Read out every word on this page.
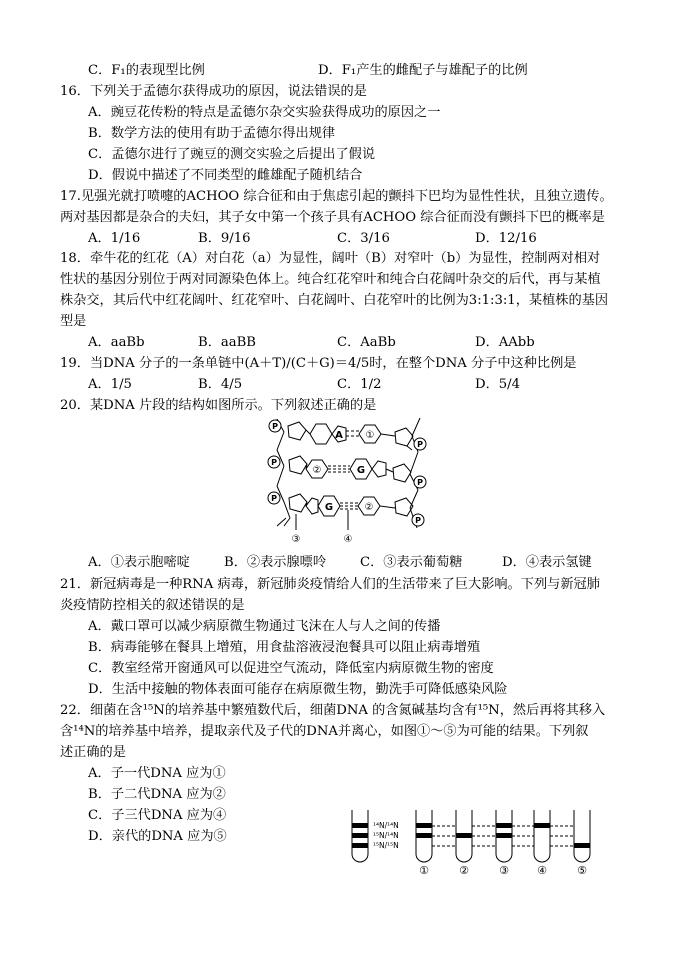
C．F₁的表现型比例	D．F₁产生的雌配子与雄配子的比例
16．下列关于孟德尔获得成功的原因，说法错误的是
A．豌豆花传粉的特点是孟德尔杂交实验获得成功的原因之一
B．数学方法的使用有助于孟德尔得出规律
C．孟德尔进行了豌豆的测交实验之后提出了假说
D．假说中描述了不同类型的雌雄配子随机结合
17.见强光就打喷嚏的ACHOO 综合征和由于焦虑引起的颤抖下巴均为显性性状，且独立遗传。
两对基因都是杂合的夫妇，其子女中第一个孩子具有ACHOO 综合征而没有颤抖下巴的概率是
A．1/16	B．9/16	C．3/16	D．12/16
18．牵牛花的红花（A）对白花（a）为显性，阔叶（B）对窄叶（b）为显性，控制两对相对
性状的基因分别位于两对同源染色体上。纯合红花窄叶和纯合白花阔叶杂交的后代，再与某植
株杂交，其后代中红花阔叶、红花窄叶、白花阔叶、白花窄叶的比例为3:1:3:1，某植株的基因
型是
A．aaBb	B．aaBB	C．AaBb	D．AAbb
19．当DNA 分子的一条单链中(A＋T)/(C＋G)＝4/5时，在整个DNA 分子中这种比例是
A．1/5	B．4/5	C．1/2	D．5/4
20．某DNA 片段的结构如图所示。下列叙述正确的是
P
P
P
P
P
P
A ①
②	G
G	②
③	④
A．①表示胞嘧啶	B．②表示腺嘌呤	C．③表示葡萄糖	D．④表示氢键
21．新冠病毒是一种RNA 病毒，新冠肺炎疫情给人们的生活带来了巨大影响。下列与新冠肺
炎疫情防控相关的叙述错误的是
A．戴口罩可以减少病原微生物通过飞沫在人与人之间的传播
B．病毒能够在餐具上增殖，用食盐溶液浸泡餐具可以阻止病毒增殖
C．教室经常开窗通风可以促进空气流动，降低室内病原微生物的密度
D．生活中接触的物体表面可能存在病原微生物，勤洗手可降低感染风险
22．细菌在含¹⁵N的培养基中繁殖数代后，细菌DNA 的含氮碱基均含有¹⁵N，然后再将其移入
含¹⁴N的培养基中培养，提取亲代及子代的DNA并离心，如图①～⑤为可能的结果。下列叙
述正确的是
A．子一代DNA 应为①
B．子二代DNA 应为②
C．子三代DNA 应为④
D．亲代的DNA 应为⑤
¹⁴N/¹⁴N
¹⁵N/¹⁴N
¹⁵N/¹⁵N
①	②	③	④	⑤
